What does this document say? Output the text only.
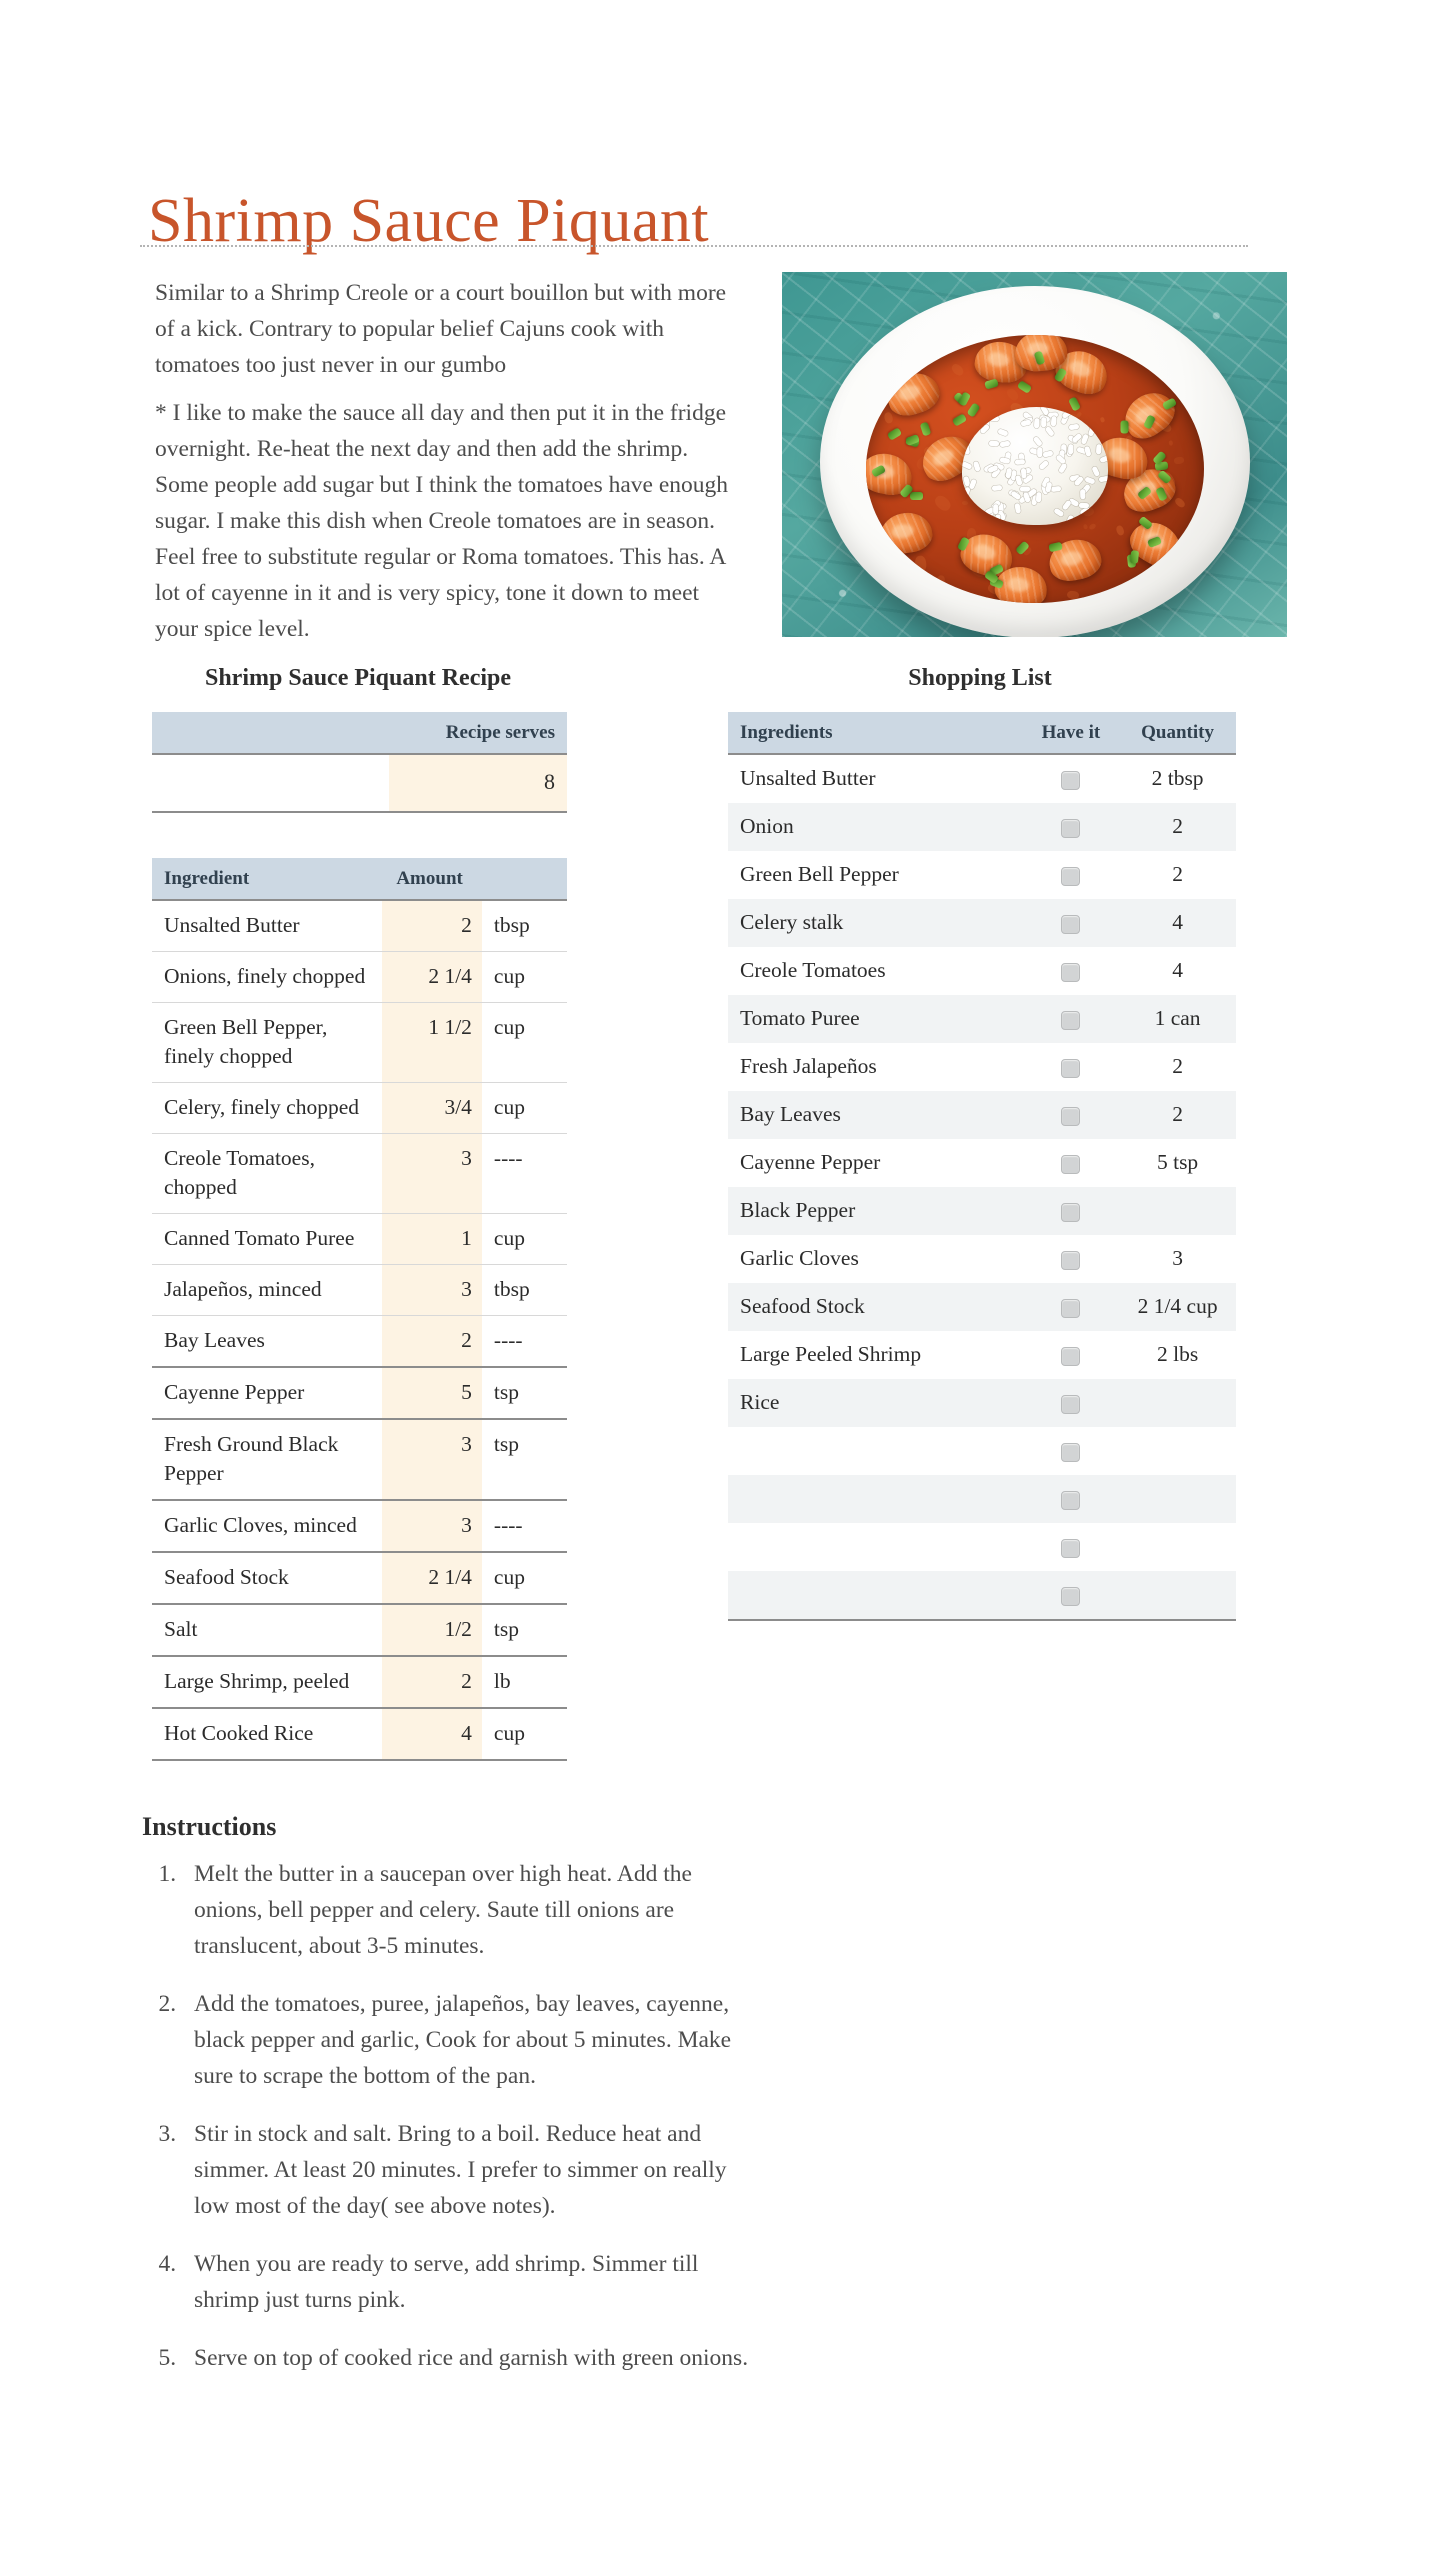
Shrimp Sauce Piquant

Similar to a Shrimp Creole or a court bouillon but with more of a kick. Contrary to popular belief Cajuns cook with tomatoes too just never in our gumbo

* I like to make the sauce all day and then put it in the fridge overnight. Re-heat the next day and then add the shrimp. Some people add sugar but I think the tomatoes have enough sugar. I make this dish when Creole tomatoes are in season. Feel free to substitute regular or Roma tomatoes. This has. A lot of cayenne in it and is very spicy, tone it down to meet your spice level.

Shrimp Sauce Piquant Recipe
	Recipe serves
	8
Ingredient	Amount	
Unsalted Butter	2	tbsp
Onions, finely chopped	2 1/4	cup
Green Bell Pepper, finely chopped	1 1/2	cup
Celery, finely chopped	3/4	cup
Creole Tomatoes, chopped	3	----
Canned Tomato Puree	1	cup
Jalapeños, minced	3	tbsp
Bay Leaves	2	----
Cayenne Pepper	5	tsp
Fresh Ground Black Pepper	3	tsp
Garlic Cloves, minced	3	----
Seafood Stock	2 1/4	cup
Salt	1/2	tsp
Large Shrimp, peeled	2	lb
Hot Cooked Rice	4	cup
Shopping List
Ingredients	Have it	Quantity
Unsalted Butter		2 tbsp
Onion		2
Green Bell Pepper		2
Celery stalk		4
Creole Tomatoes		4
Tomato Puree		1 can
Fresh Jalapeños		2
Bay Leaves		2
Cayenne Pepper		5 tsp
Black Pepper		
Garlic Cloves		3
Seafood Stock		2 1/4 cup
Large Peeled Shrimp		2 lbs
Rice		

Instructions
1. Melt the butter in a saucepan over high heat. Add the onions, bell pepper and celery. Saute till onions are translucent, about 3-5 minutes.
2. Add the tomatoes, puree, jalapeños, bay leaves, cayenne, black pepper and garlic, Cook for about 5 minutes. Make sure to scrape the bottom of the pan.
3. Stir in stock and salt. Bring to a boil. Reduce heat and simmer. At least 20 minutes. I prefer to simmer on really low most of the day( see above notes).
4. When you are ready to serve, add shrimp. Simmer till shrimp just turns pink.
5. Serve on top of cooked rice and garnish with green onions.
